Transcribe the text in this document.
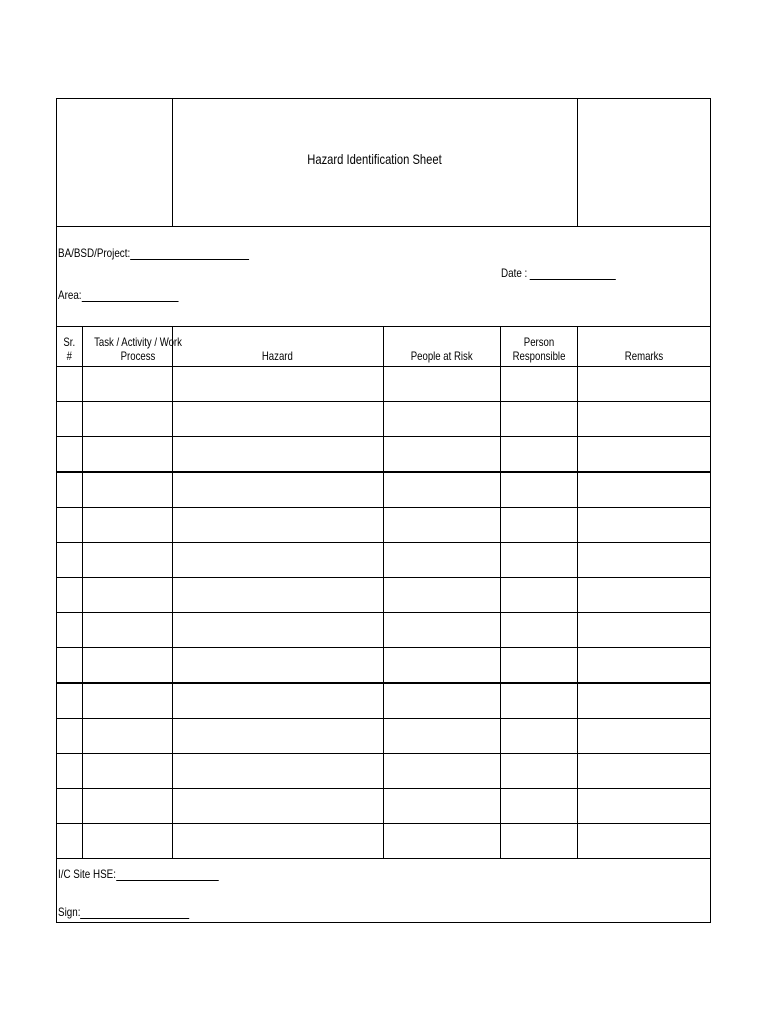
Hazard Identification Sheet
BA/BSD/Project:
Date :
Area:
Sr. #	Task / Activity / Work Process	Hazard	People at Risk	Person Responsible	Remarks

I/C Site HSE:
Sign:
